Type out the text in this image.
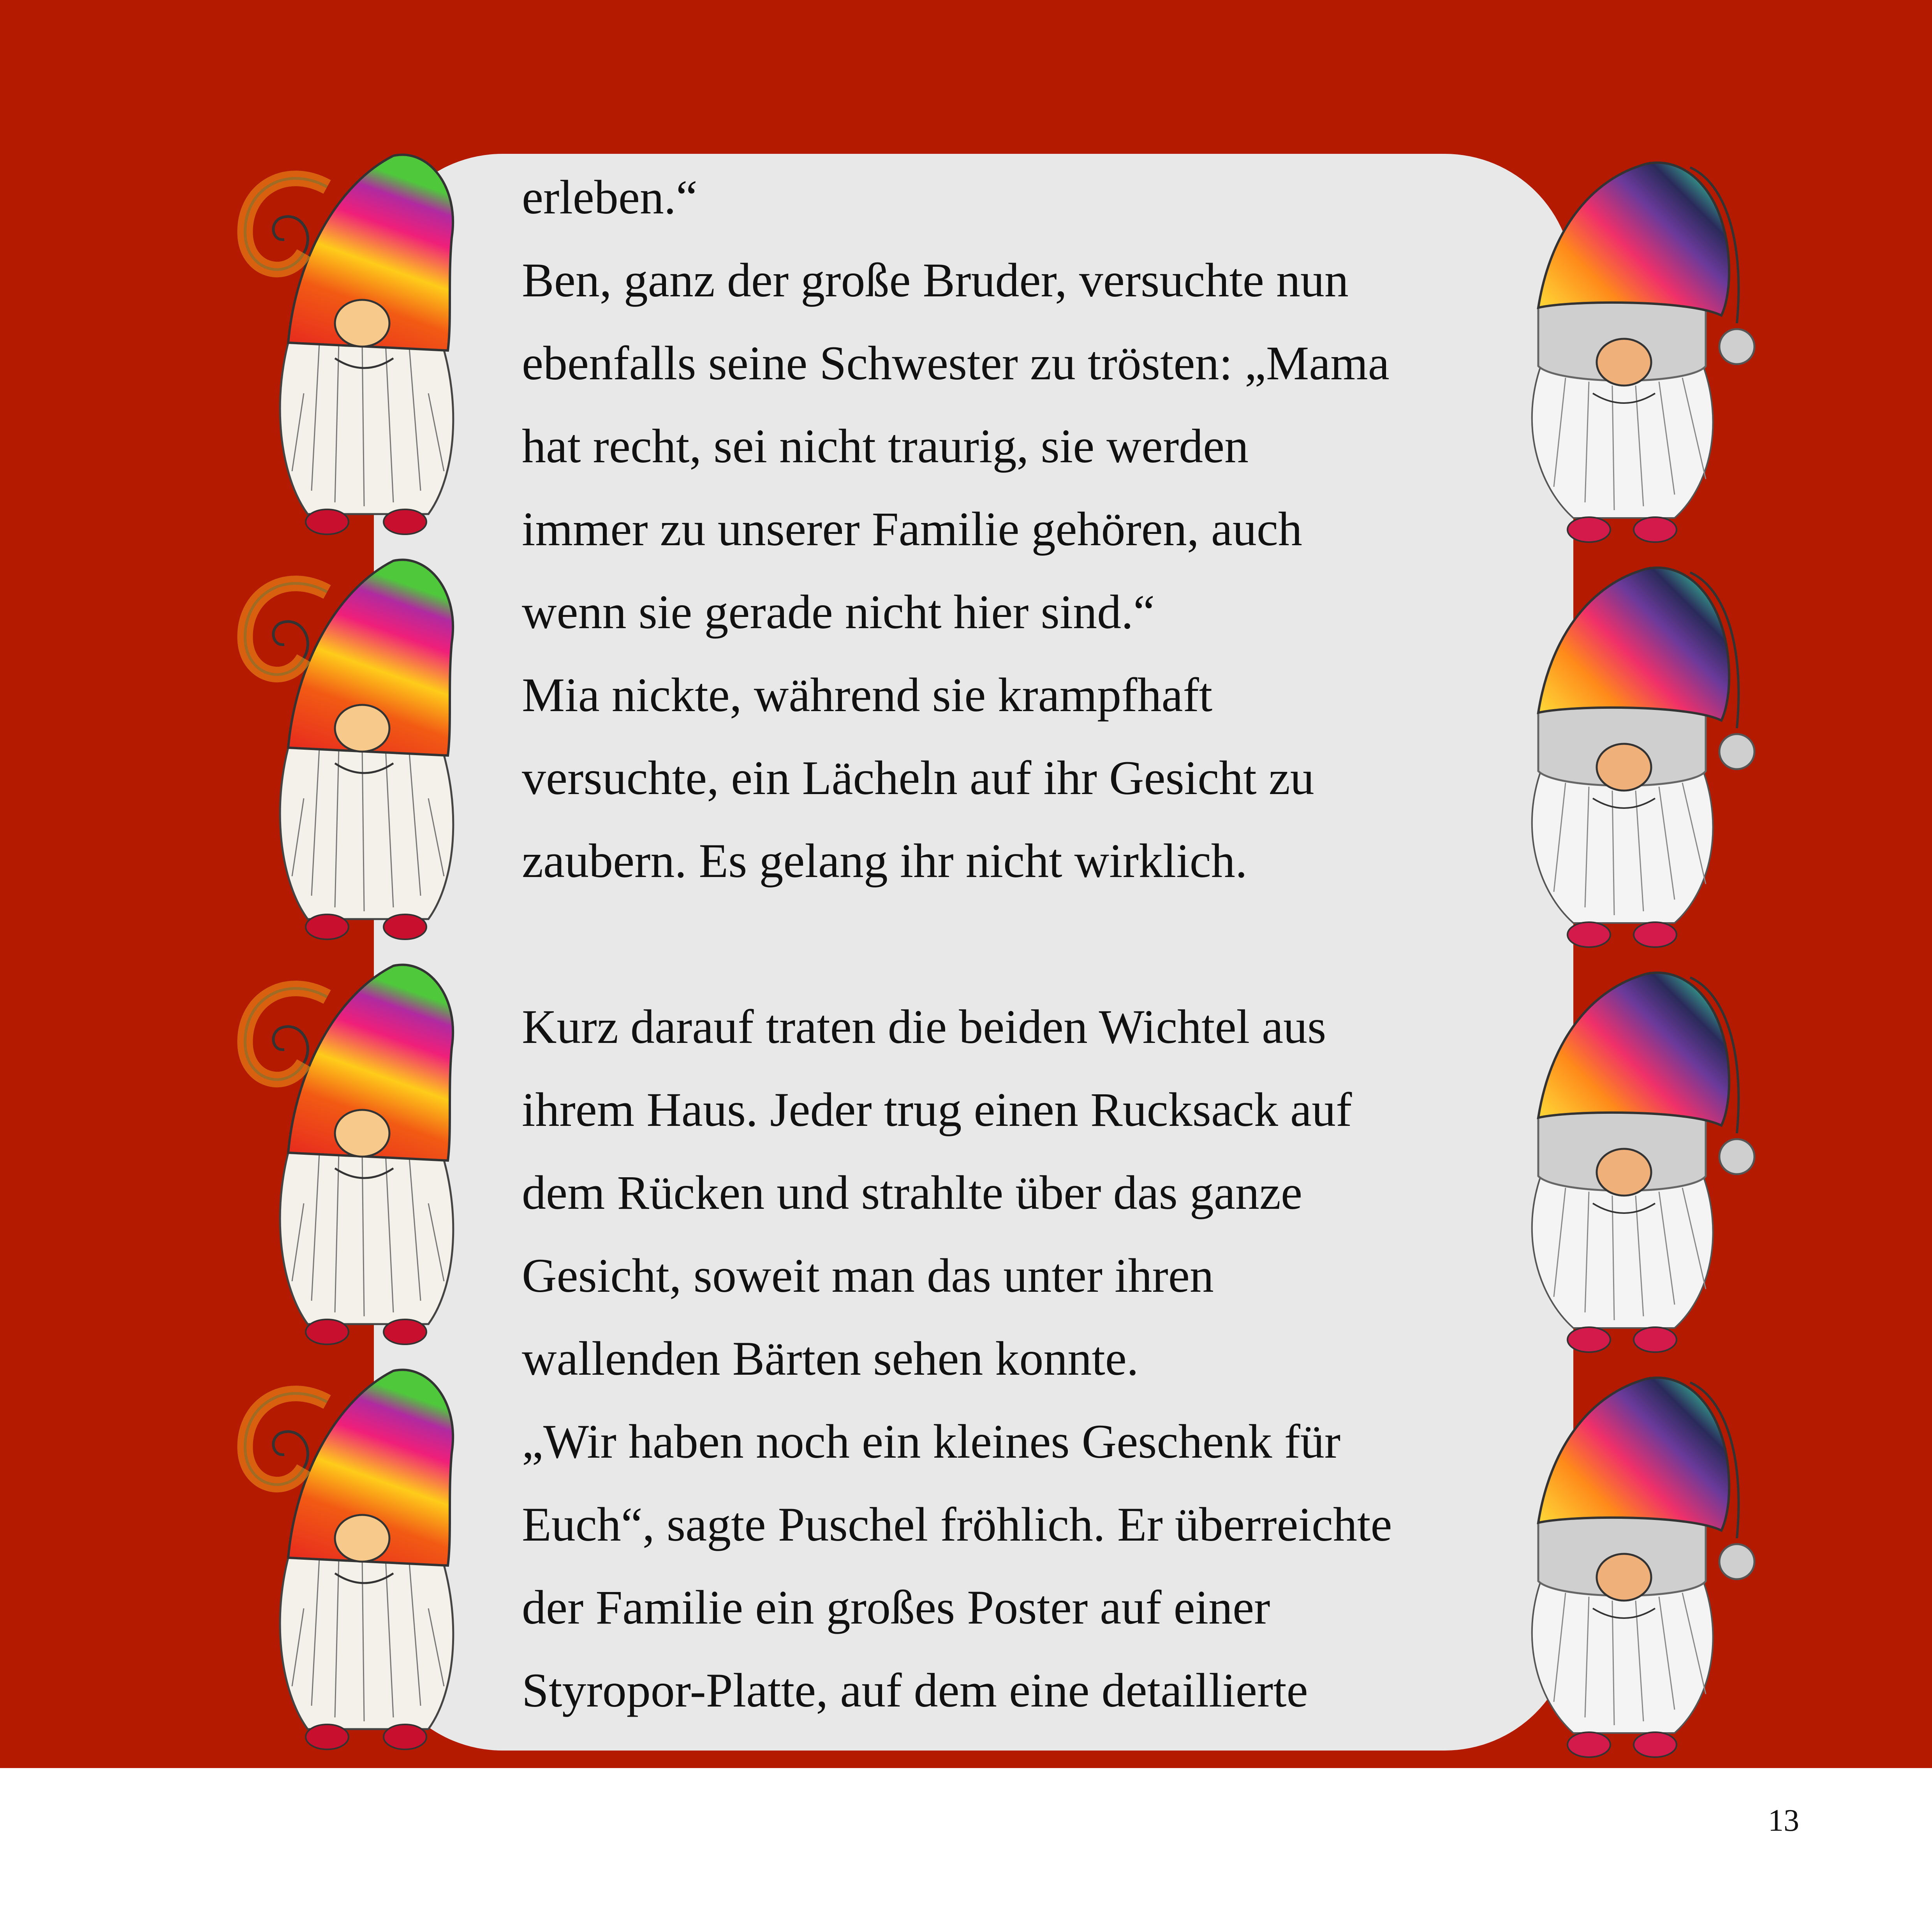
erleben.“
Ben, ganz der große Bruder, versuchte nun
ebenfalls seine Schwester zu trösten: „Mama
hat recht, sei nicht traurig, sie werden
immer zu unserer Familie gehören, auch
wenn sie gerade nicht hier sind.“
Mia nickte, während sie krampfhaft
versuchte, ein Lächeln auf ihr Gesicht zu
zaubern. Es gelang ihr nicht wirklich.
Kurz darauf traten die beiden Wichtel aus
ihrem Haus. Jeder trug einen Rucksack auf
dem Rücken und strahlte über das ganze
Gesicht, soweit man das unter ihren
wallenden Bärten sehen konnte.
„Wir haben noch ein kleines Geschenk für
Euch“, sagte Puschel fröhlich. Er überreichte
der Familie ein großes Poster auf einer
Styropor-Platte, auf dem eine detaillierte
13
